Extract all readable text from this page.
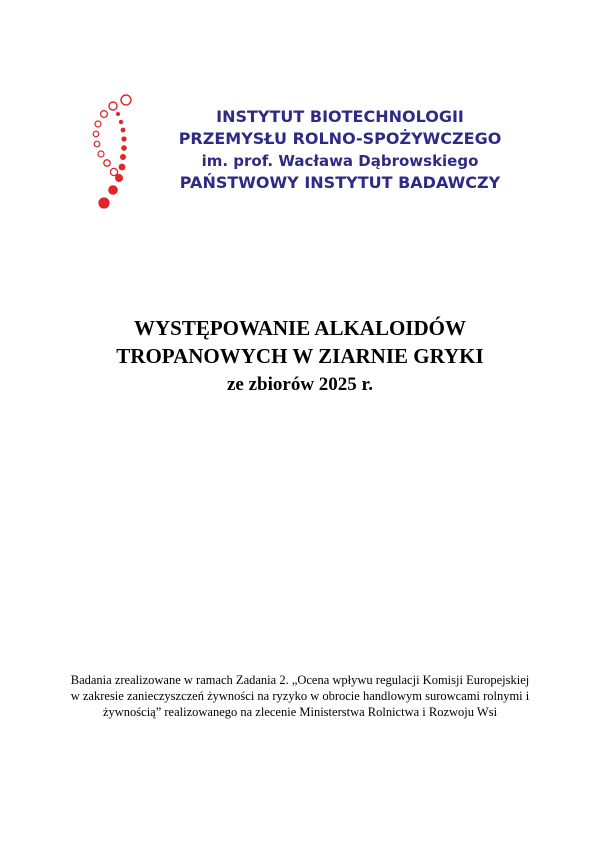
INSTYTUT BIOTECHNOLOGII
PRZEMYSŁU ROLNO-SPOŻYWCZEGO
im. prof. Wacława Dąbrowskiego
PAŃSTWOWY INSTYTUT BADAWCZY
WYSTĘPOWANIE ALKALOIDÓW
TROPANOWYCH W ZIARNIE GRYKI
ze zbiorów 2025 r.
Badania zrealizowane w ramach Zadania 2. „Ocena wpływu regulacji Komisji Europejskiej
w zakresie zanieczyszczeń żywności na ryzyko w obrocie handlowym surowcami rolnymi i
żywnością” realizowanego na zlecenie Ministerstwa Rolnictwa i Rozwoju Wsi
